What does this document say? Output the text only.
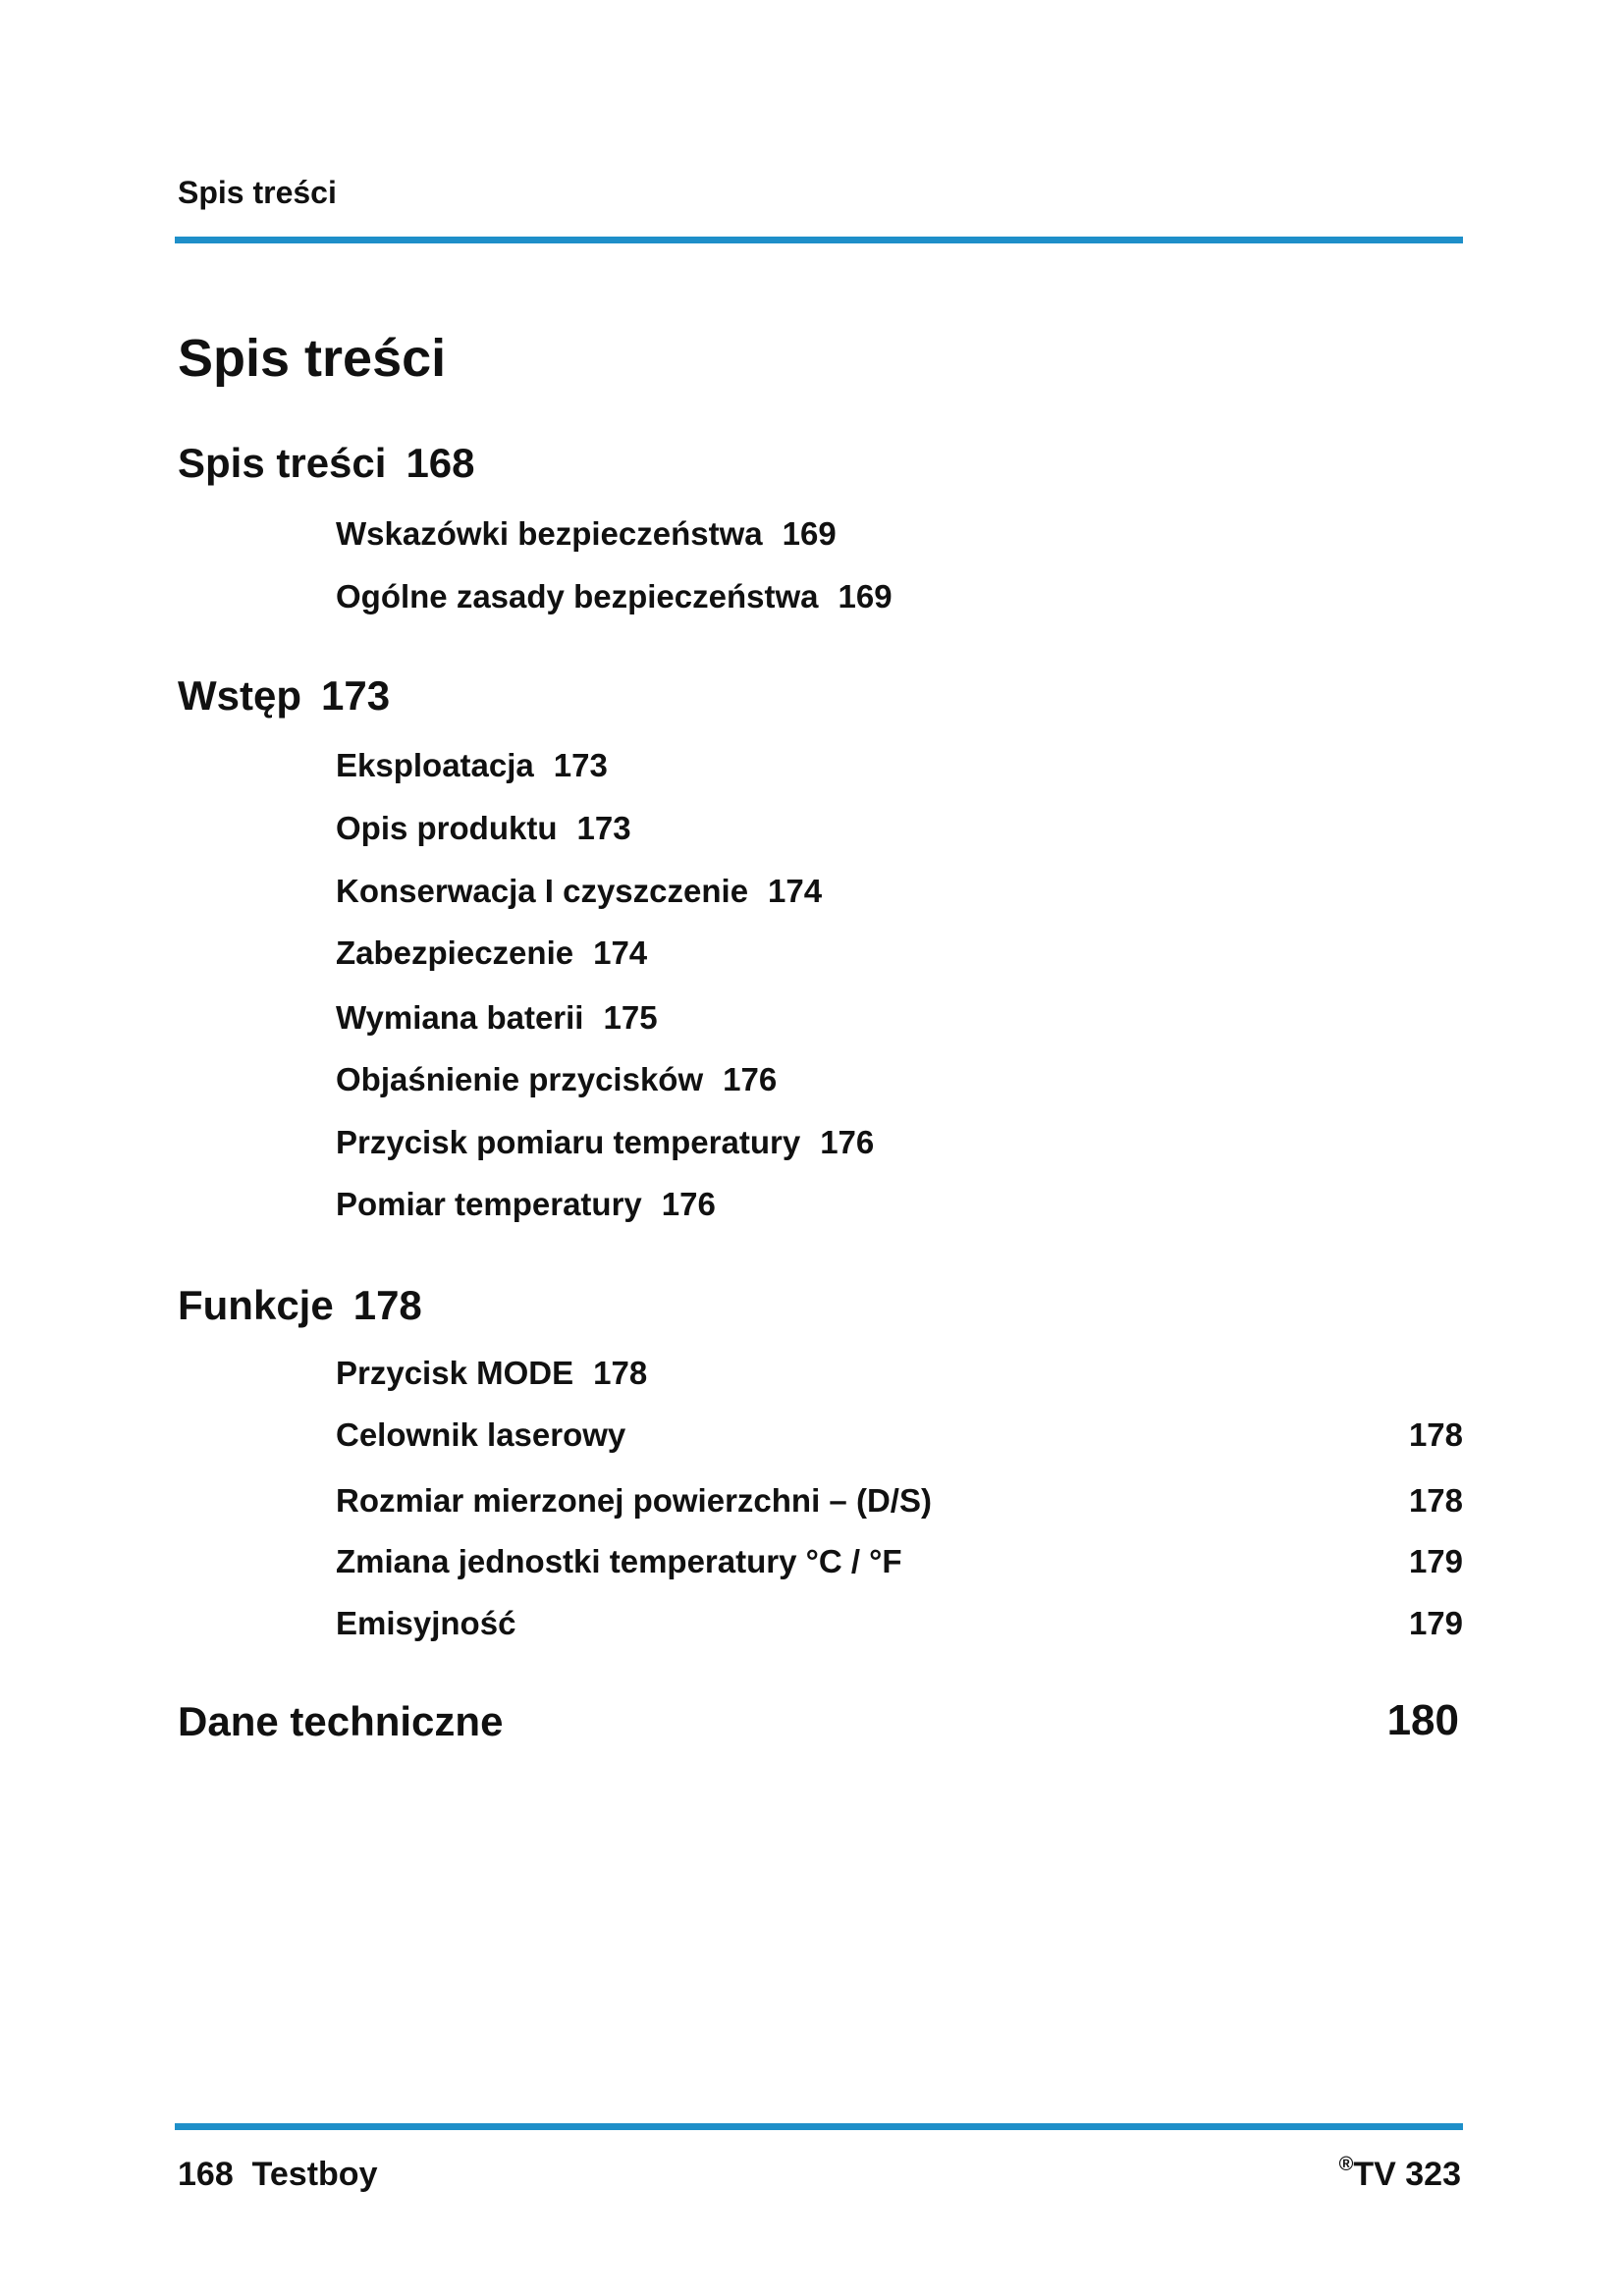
Spis treści
Spis treści
Spis treści 168
Wskazówki bezpieczeństwa 169
Ogólne zasady bezpieczeństwa 169
Wstęp 173
Eksploatacja 173
Opis produktu 173
Konserwacja I czyszczenie 174
Zabezpieczenie 174
Wymiana baterii 175
Objaśnienie przycisków 176
Przycisk pomiaru temperatury 176
Pomiar temperatury 176
Funkcje 178
Przycisk MODE 178
Celownik laserowy	178
Rozmiar mierzonej powierzchni – (D/S)	178
Zmiana jednostki temperatury °C / °F	179
Emisyjność	179
Dane techniczne	180
168 Testboy	®TV 323
